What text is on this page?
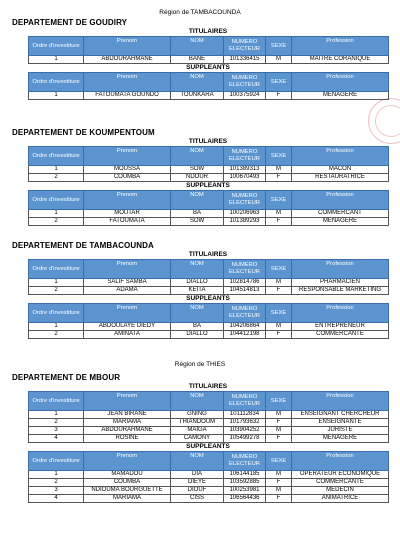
Région de TAMBACOUNDA
DEPARTEMENT DE GOUDIRY
TITULAIRES
Ordre d'investiture	Prenom	NOM	NUMERO ELECTEUR	SEXE	Profession
1	ABDOURAHMANE	BANE	101336415	M	MAITRE CORANIQUE
SUPPLEANTS
Ordre d'investiture	Prenom	NOM	NUMERO ELECTEUR	SEXE	Profession
1	FATOUMATA GOUNDO	TOUNKARA	100375924	F	MENAGERE
DEPARTEMENT DE KOUMPENTOUM
TITULAIRES
Ordre d'investiture	Prenom	NOM	NUMERO ELECTEUR	SEXE	Profession
1	MOUSSA	SOW	101389313	M	MACON
2	COUMBA	NDOUR	100670493	F	RESTAURATRICE
SUPPLEANTS
Ordre d'investiture	Prenom	NOM	NUMERO ELECTEUR	SEXE	Profession
1	MOUTAR	BA	100206963	M	COMMERCANT
2	FATOUMATA	SOW	101389293	F	MENAGERE
DEPARTEMENT DE TAMBACOUNDA
TITULAIRES
Ordre d'investiture	Prenom	NOM	NUMERO ELECTEUR	SEXE	Profession
1	SALIF SAMBA	DIALLO	102814786	M	PHARMACIEN
2	ADAMA	KEITA	104514813	F	RESPONSABLE MARKETING
SUPPLEANTS
Ordre d'investiture	Prenom	NOM	NUMERO ELECTEUR	SEXE	Profession
1	ABDOULAYE DIEDY	BA	104206864	M	ENTREPRENEUR
2	AMINATA	DIALLO	104412198	F	COMMERCANTE
DEPARTEMENT DE MBOUR
TITULAIRES
Ordre d'investiture	Prenom	NOM	NUMERO ELECTEUR	SEXE	Profession
1	JEAN BIRANE	GNING	101112834	M	ENSEIGNANT CHERCHEUR
2	MARIAMA	THIANDOUM	101793632	F	ENSEIGNANTE
3	ABDOURAHMANE	MAIGA	103904252	M	JURISTE
4	ROSINE	CAMONY	105499278	F	MENAGERE
SUPPLEANTS
Ordre d'investiture	Prenom	NOM	NUMERO ELECTEUR	SEXE	Profession
1	MAMADOU	DIA	106144185	M	OPERATEUR ECONOMIQUE
2	COUMBA	DIEYE	103592885	F	COMMERCANTE
3	NDIOUMA BOURGUETTE	DIOUF	100253981	M	MEDECIN
4	MARIAMA	CISS	106564436	F	ANIMATRICE
Région de THIES
